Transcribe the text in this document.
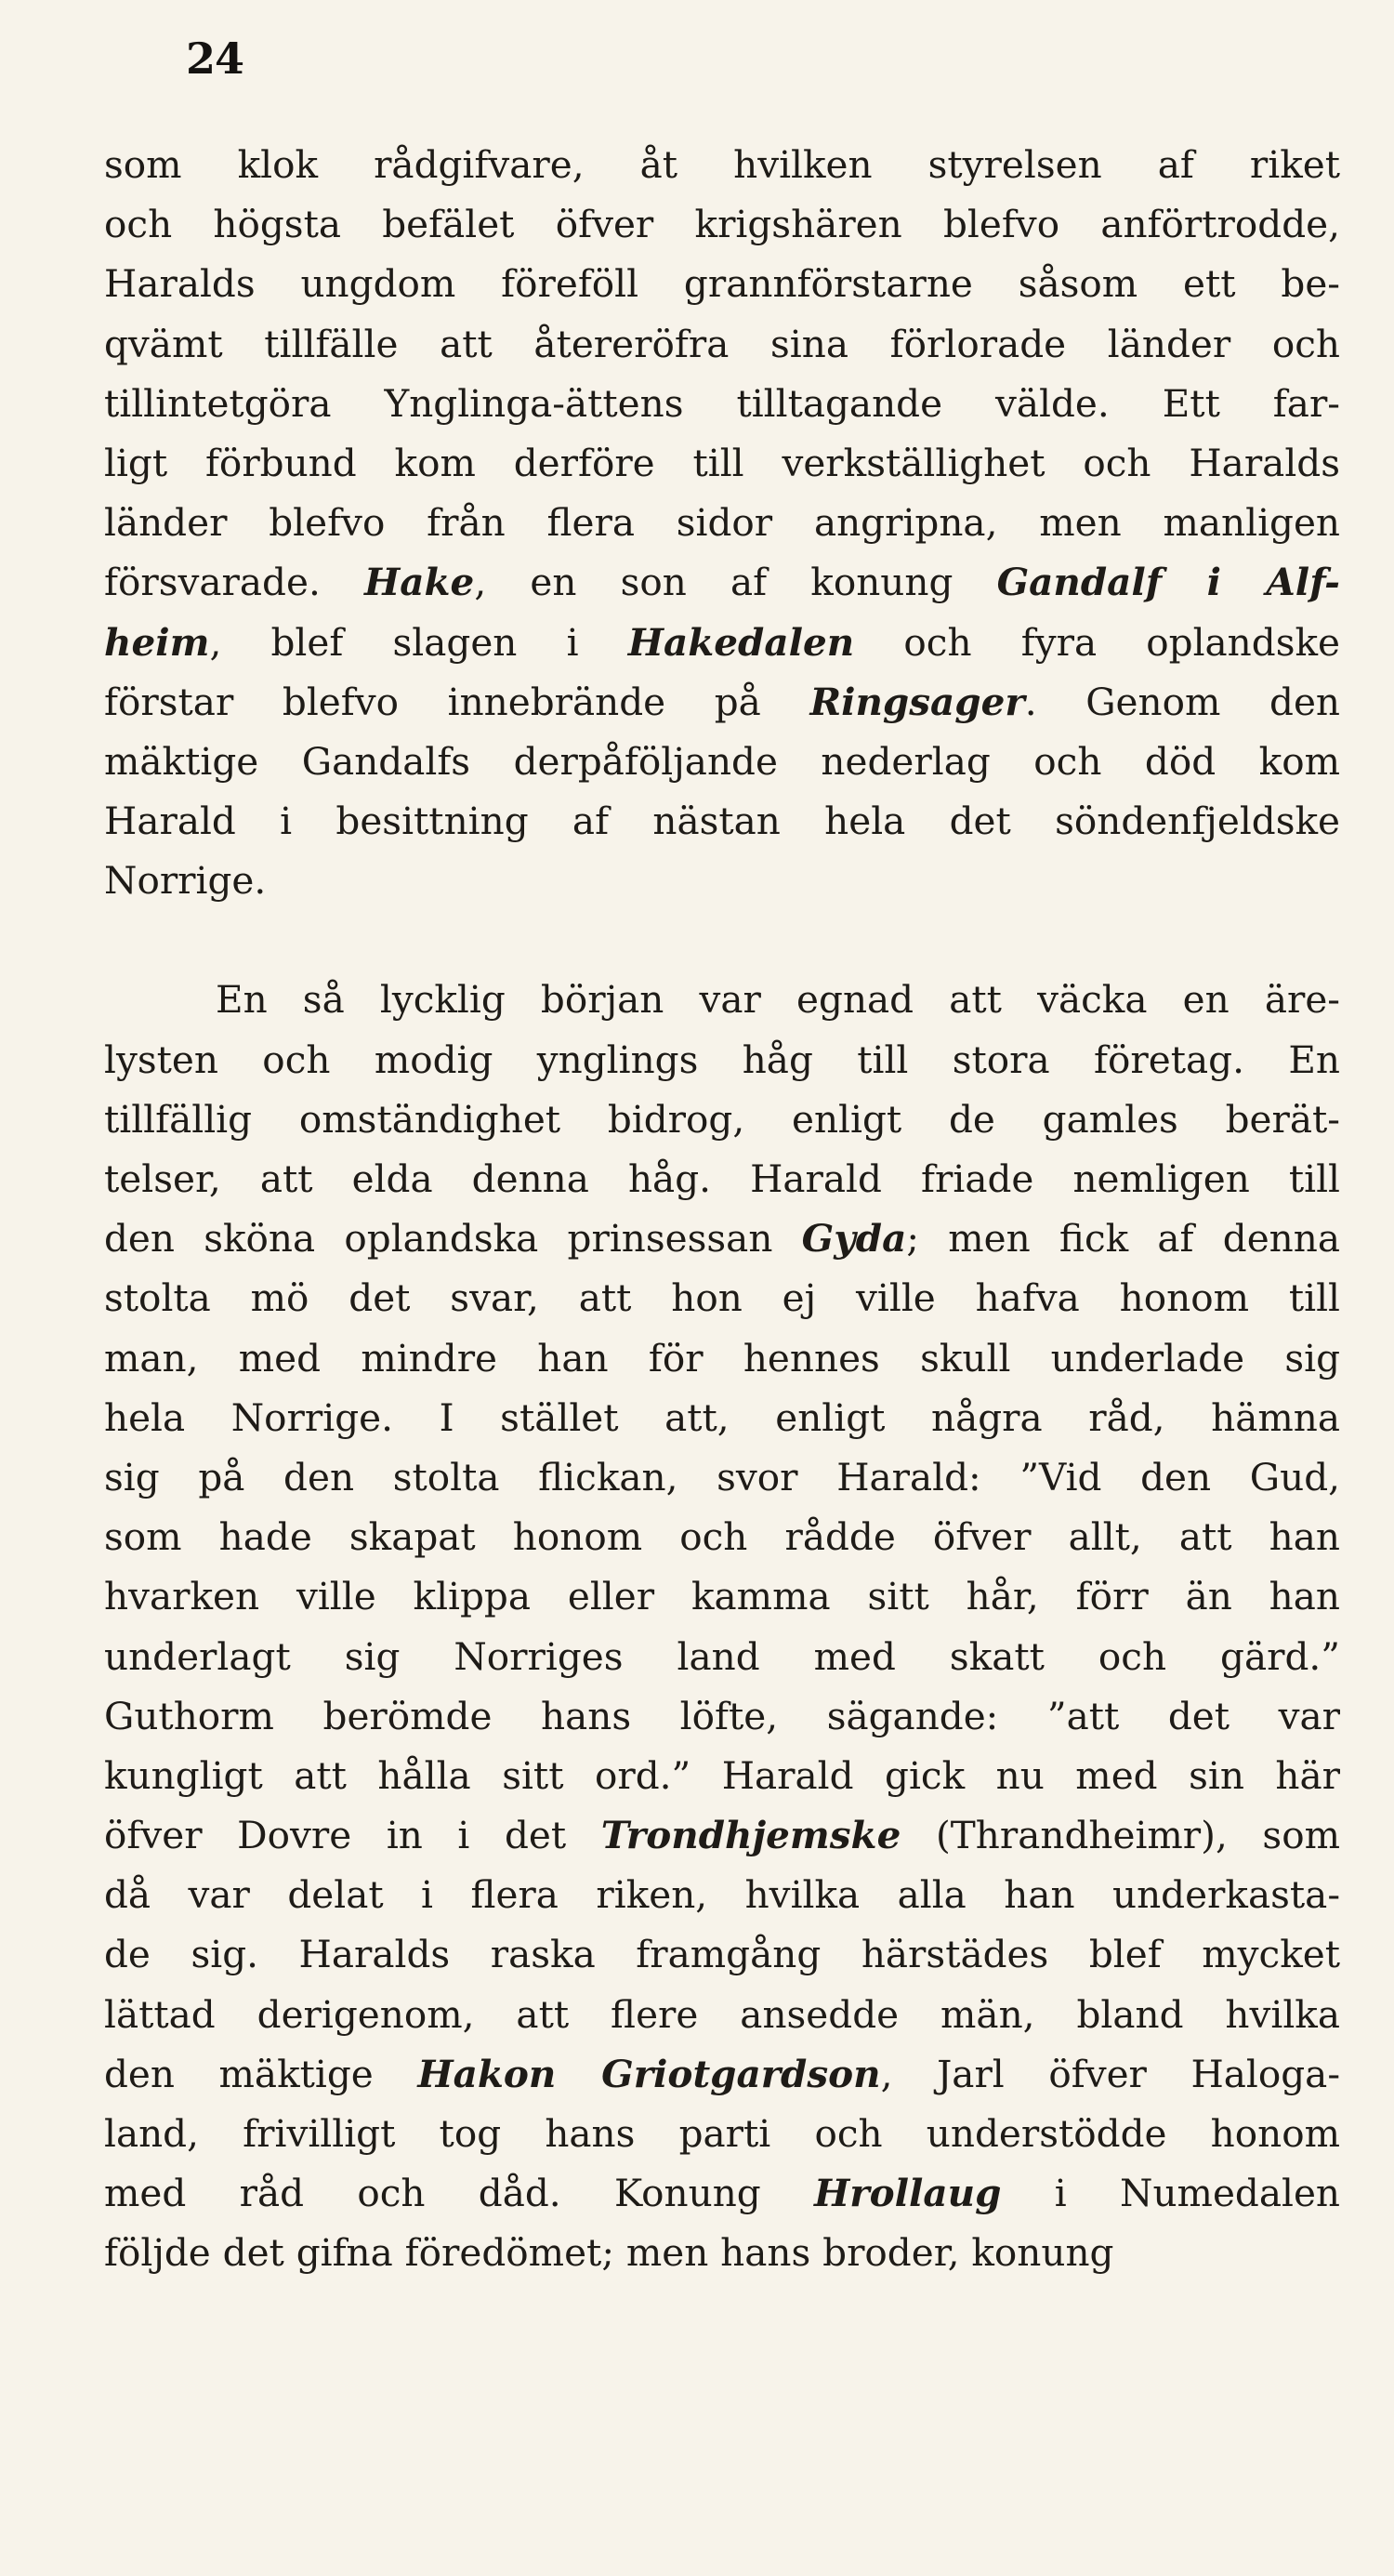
24
som klok rådgifvare, åt hvilken styrelsen af riket
och högsta befälet öfver krigshären blefvo anförtrodde,
Haralds ungdom föreföll grannförstarne såsom ett be-
qvämt tillfälle att återeröfra sina förlorade länder och
tillintetgöra Ynglinga-ättens tilltagande välde. Ett far-
ligt förbund kom derföre till verkställighet och Haralds
länder blefvo från flera sidor angripna, men manligen
försvarade. Hake, en son af konung Gandalf i Alf-
heim, blef slagen i Hakedalen och fyra oplandske
förstar blefvo innebrände på Ringsager. Genom den
mäktige Gandalfs derpåföljande nederlag och död kom
Harald i besittning af nästan hela det söndenfjeldske
Norrige.
En så lycklig början var egnad att väcka en äre-
lysten och modig ynglings håg till stora företag. En
tillfällig omständighet bidrog, enligt de gamles berät-
telser, att elda denna håg. Harald friade nemligen till
den sköna oplandska prinsessan Gyda; men fick af denna
stolta mö det svar, att hon ej ville hafva honom till
man, med mindre han för hennes skull underlade sig
hela Norrige. I stället att, enligt några råd, hämna
sig på den stolta flickan, svor Harald: ”Vid den Gud,
som hade skapat honom och rådde öfver allt, att han
hvarken ville klippa eller kamma sitt hår, förr än han
underlagt sig Norriges land med skatt och gärd.”
Guthorm berömde hans löfte, sägande: ”att det var
kungligt att hålla sitt ord.” Harald gick nu med sin här
öfver Dovre in i det Trondhjemske (Thrandheimr), som
då var delat i flera riken, hvilka alla han underkasta-
de sig. Haralds raska framgång härstädes blef mycket
lättad derigenom, att flere ansedde män, bland hvilka
den mäktige Hakon Griotgardson, Jarl öfver Haloga-
land, frivilligt tog hans parti och understödde honom
med råd och dåd. Konung Hrollaug i Numedalen
följde det gifna föredömet; men hans broder, konung
